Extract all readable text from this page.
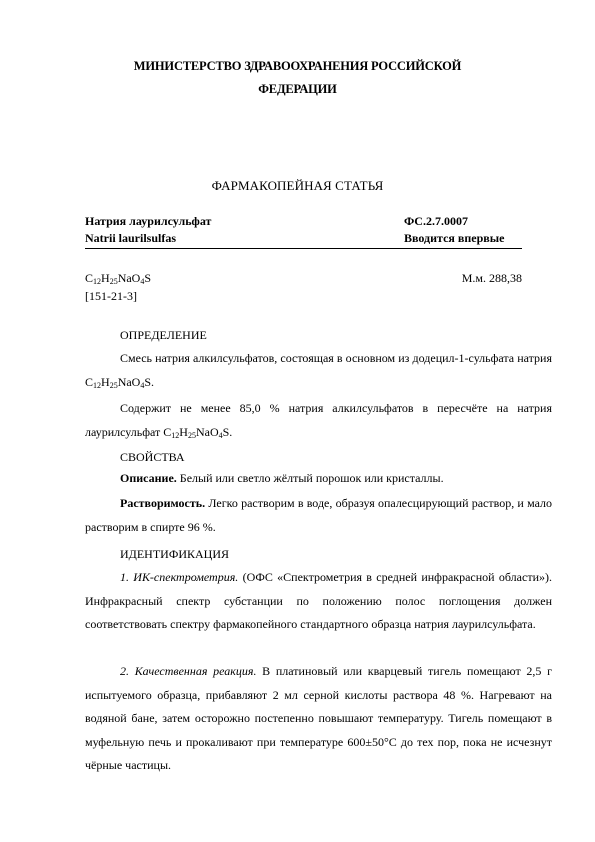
МИНИСТЕРСТВО ЗДРАВООХРАНЕНИЯ РОССИЙСКОЙ
ФЕДЕРАЦИИ
ФАРМАКОПЕЙНАЯ СТАТЬЯ
Натрия лаурилсульфат	ФС.2.7.0007
Natrii laurilsulfas	Вводится впервые
$C_{12}H_{25}NaO_4S$	М.м. 288,38
[151-21-3]
ОПРЕДЕЛЕНИЕ
Смесь натрия алкилсульфатов, состоящая в основном из додецил-1-сульфата натрия $C_{12}H_{25}NaO_4S$.
Содержит не менее 85,0 % натрия алкилсульфатов в пересчёте на натрия лаурилсульфат $C_{12}H_{25}NaO_4S$.
СВОЙСТВА
Описание. Белый или светло жёлтый порошок или кристаллы.
Растворимость. Легко растворим в воде, образуя опалесцирующий раствор, и мало растворим в спирте 96 %.
ИДЕНТИФИКАЦИЯ
1. ИК-спектрометрия. (ОФС «Спектрометрия в средней инфракрасной области»). Инфракрасный спектр субстанции по положению полос поглощения должен соответствовать спектру фармакопейного стандартного образца натрия лаурилсульфата.
2. Качественная реакция. В платиновый или кварцевый тигель помещают 2,5 г испытуемого образца, прибавляют 2 мл серной кислоты раствора 48 %. Нагревают на водяной бане, затем осторожно постепенно повышают температуру. Тигель помещают в муфельную печь и прокаливают при температуре 600±50°C до тех пор, пока не исчезнут чёрные частицы.
